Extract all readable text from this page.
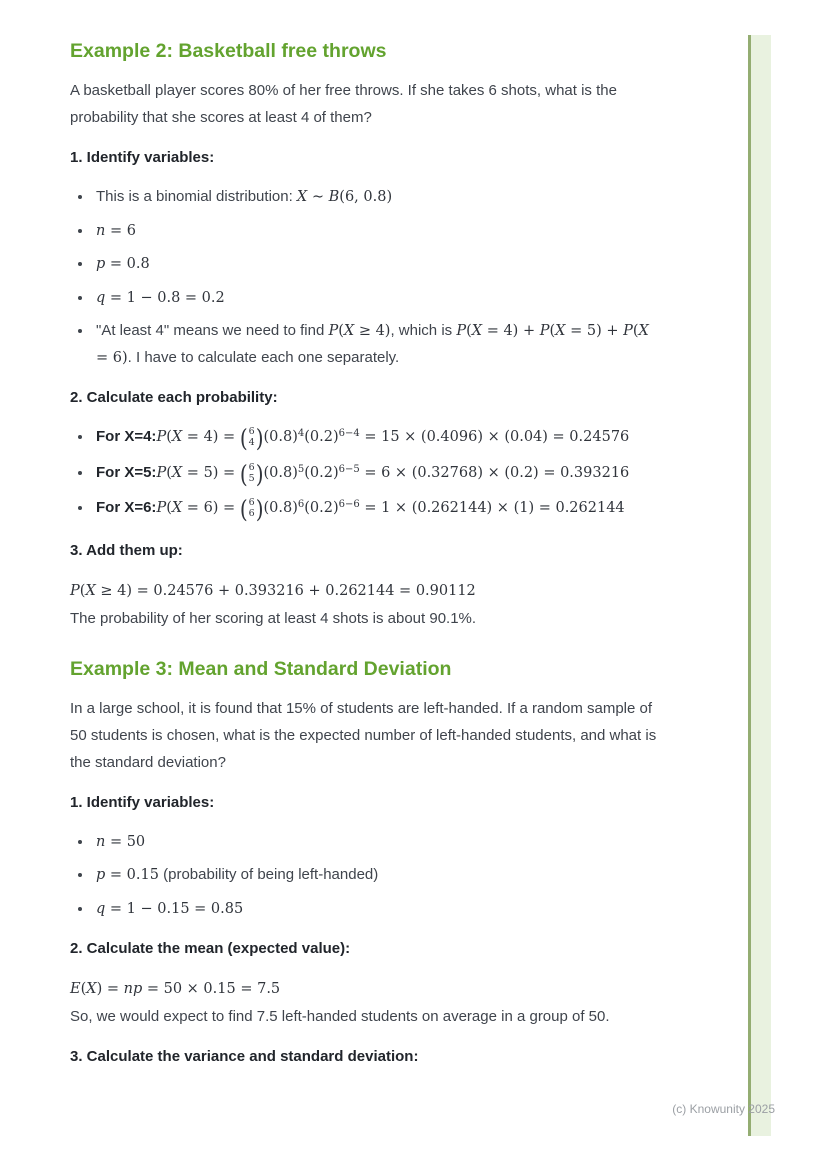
Example 2: Basketball free throws
A basketball player scores 80% of her free throws. If she takes 6 shots, what is the probability that she scores at least 4 of them?
1. Identify variables:
• This is a binomial distribution: X ∼ B(6, 0.8)
• n = 6
• p = 0.8
• q = 1 − 0.8 = 0.2
• "At least 4" means we need to find P(X ≥ 4), which is P(X = 4) + P(X = 5) + P(X = 6). I have to calculate each one separately.
2. Calculate each probability:
• For X=4:P(X = 4) = ( 6
4 ) $(0.8)^4(0.2)^{6-4} = 15 \times (0.4096) \times (0.04) = 0.24576$
• For X=5:P(X = 5) = ( 6
5 ) $(0.8)^5(0.2)^{6-5} = 6 \times (0.32768) \times (0.2) = 0.393216$
• For X=6:P(X = 6) = ( 6
6 ) $(0.8)^6(0.2)^{6-6} = 1 \times (0.262144) \times (1) = 0.262144$
3. Add them up:
P(X ≥ 4) = 0.24576 + 0.393216 + 0.262144 = 0.90112
The probability of her scoring at least 4 shots is about 90.1%.
Example 3: Mean and Standard Deviation
In a large school, it is found that 15% of students are left-handed. If a random sample of 50 students is chosen, what is the expected number of left-handed students, and what is the standard deviation?
1. Identify variables:
• n = 50
• p = 0.15 (probability of being left-handed)
• q = 1 − 0.15 = 0.85
2. Calculate the mean (expected value):
E(X) = np = 50 × 0.15 = 7.5
So, we would expect to find 7.5 left-handed students on average in a group of 50.
3. Calculate the variance and standard deviation:
(c) Knowunity 2025
